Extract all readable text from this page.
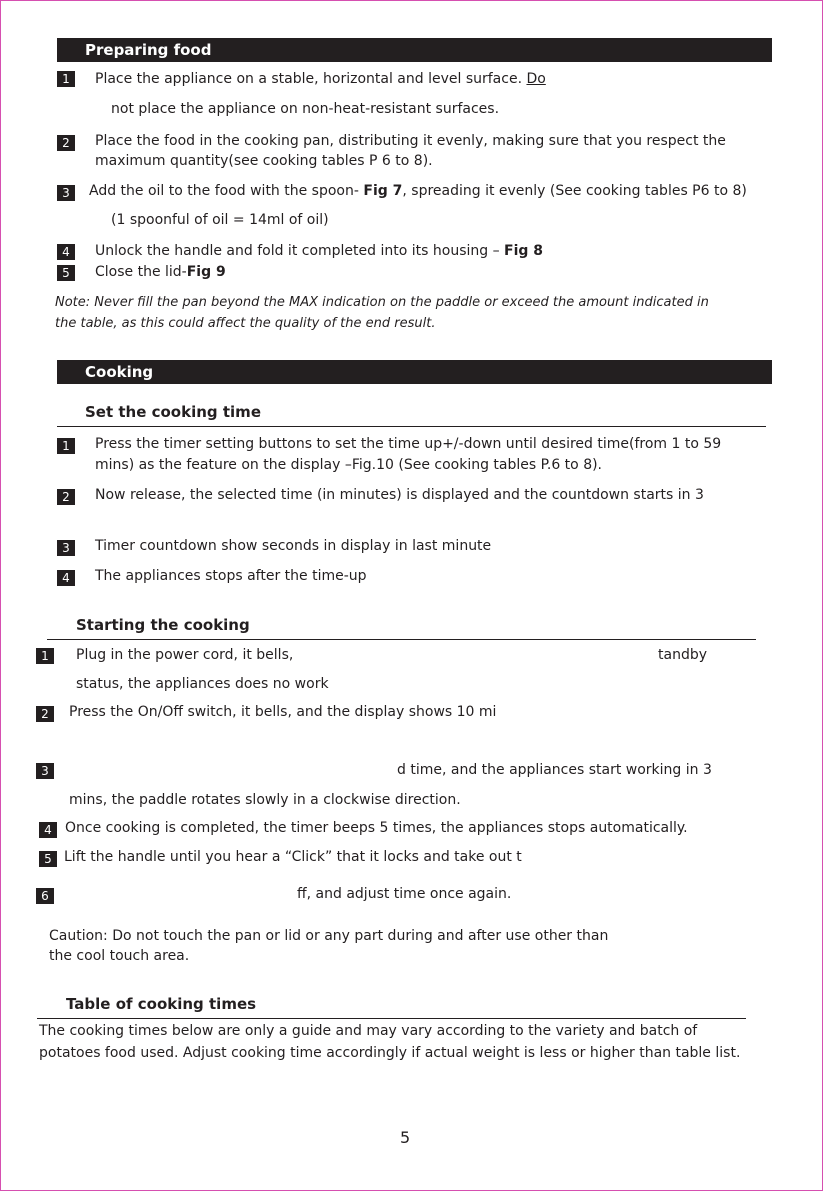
Preparing food
1	Place the appliance on a stable, horizontal and level surface. Do
not place the appliance on non-heat-resistant surfaces.
2	Place the food in the cooking pan, distributing it evenly, making sure that you respect the
maximum quantity(see cooking tables P 6 to 8).
3	Add the oil to the food with the spoon- Fig 7, spreading it evenly (See cooking tables P6 to 8)
(1 spoonful of oil = 14ml of oil)
4	Unlock the handle and fold it completed into its housing – Fig 8
5	Close the lid-Fig 9
Note: Never fill the pan beyond the MAX indication on the paddle or exceed the amount indicated in
the table, as this could affect the quality of the end result.
Cooking
Set the cooking time
1	Press the timer setting buttons to set the time up+/-down until desired time(from 1 to 59
mins) as the feature on the display –Fig.10 (See cooking tables P.6 to 8).
2	Now release, the selected time (in minutes) is displayed and the countdown starts in 3
3	Timer countdown show seconds in display in last minute
4	The appliances stops after the time-up
Starting the cooking
1	Plug in the power cord, it bells,	tandby
status, the appliances does no work
2	Press the On/Off switch, it bells, and the display shows 10 mi
3	d time, and the appliances start working in 3
mins, the paddle rotates slowly in a clockwise direction.
4 Once cooking is completed, the timer beeps 5 times, the appliances stops automatically.
5 Lift the handle until you hear a “Click” that it locks and take out t
6	ff, and adjust time once again.
Caution: Do not touch the pan or lid or any part during and after use other than
the cool touch area.
Table of cooking times
The cooking times below are only a guide and may vary according to the variety and batch of
potatoes food used. Adjust cooking time accordingly if actual weight is less or higher than table list.
5
